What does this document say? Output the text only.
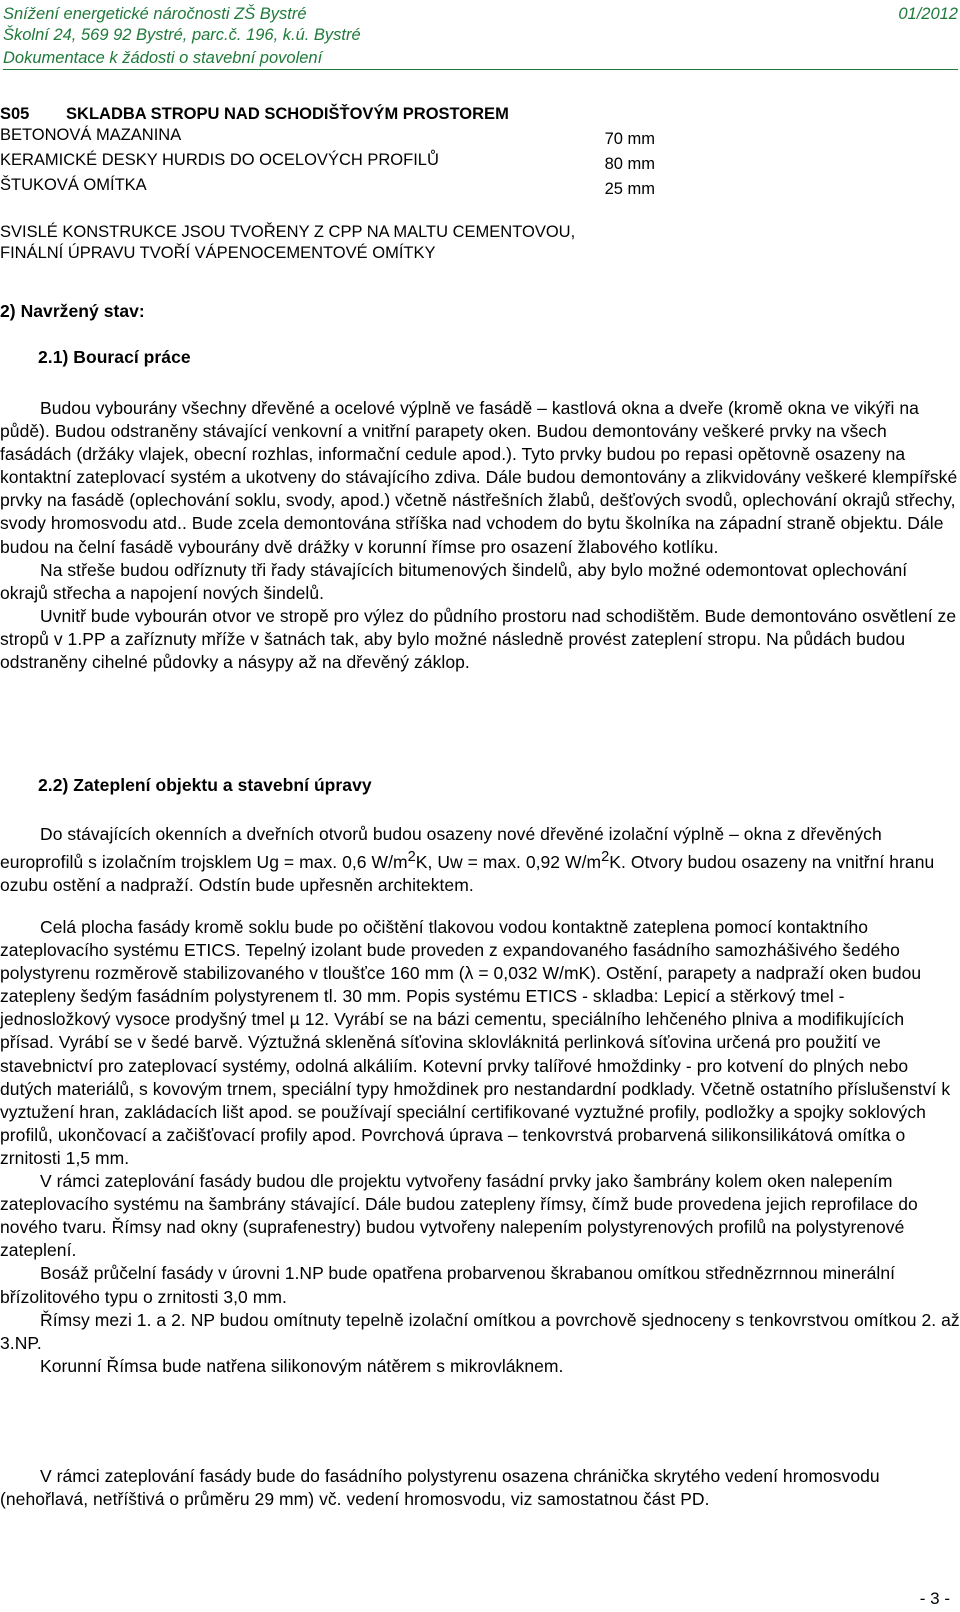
Snížení energetické náročnosti ZŠ Bystré	01/2012
Školní 24, 569 92 Bystré, parc.č. 196, k.ú. Bystré
Dokumentace k žádosti o stavební povolení
S05        SKLADBA STROPU NAD SCHODIŠŤOVÝM PROSTOREM
BETONOVÁ MAZANINA	70 mm
KERAMICKÉ DESKY HURDIS DO OCELOVÝCH PROFILŮ	80 mm
ŠTUKOVÁ OMÍTKA	25 mm
SVISLÉ KONSTRUKCE JSOU TVOŘENY Z CPP NA MALTU CEMENTOVOU,
FINÁLNÍ ÚPRAVU TVOŘÍ VÁPENOCEMENTOVÉ OMÍTKY
2) Navržený stav:
2.1) Bourací práce

Budou vybourány všechny dřevěné a ocelové výplně ve fasádě – kastlová okna a dveře (kromě okna ve vikýři na půdě). Budou odstraněny stávající venkovní a vnitřní parapety oken. Budou demontovány veškeré prvky na všech fasádách (držáky vlajek, obecní rozhlas, informační cedule apod.). Tyto prvky budou po repasi opětovně osazeny na kontaktní zateplovací systém a ukotveny do stávajícího zdiva. Dále budou demontovány a zlikvidovány veškeré klempířské prvky na fasádě (oplechování soklu, svody, apod.) včetně nástřešních žlabů, dešťových svodů, oplechování okrajů střechy, svody hromosvodu atd.. Bude zcela demontována stříška nad vchodem do bytu školníka na západní straně objektu. Dále budou na čelní fasádě vybourány dvě drážky v korunní římse pro osazení žlabového kotlíku.

Na střeše budou odříznuty tři řady stávajících bitumenových šindelů, aby bylo možné odemontovat oplechování okrajů střecha a napojení nových šindelů.

Uvnitř bude vybourán otvor ve stropě pro výlez do půdního prostoru nad schodištěm. Bude demontováno osvětlení ze stropů v 1.PP a zaříznuty mříže v šatnách tak, aby bylo možné následně provést zateplení stropu. Na půdách budou odstraněny cihelné půdovky a násypy až na dřevěný záklop.

2.2) Zateplení objektu a stavební úpravy

Do stávajících okenních a dveřních otvorů budou osazeny nové dřevěné izolační výplně – okna z dřevěných europrofilů s izolačním trojsklem Ug = max. 0,6 $W/m^2K$, Uw = max. 0,92 $W/m^2K$. Otvory budou osazeny na vnitřní hranu ozubu ostění a nadpraží. Odstín bude upřesněn architektem.

Celá plocha fasády kromě soklu bude po očištění tlakovou vodou kontaktně zateplena pomocí kontaktního zateplovacího systému ETICS. Tepelný izolant bude proveden z expandovaného fasádního samozhášivého šedého polystyrenu rozměrově stabilizovaného v tloušťce 160 mm (λ = 0,032 W/mK). Ostění, parapety a nadpraží oken budou zatepleny šedým fasádním polystyrenem tl. 30 mm. Popis systému ETICS - skladba: Lepicí a stěrkový tmel - jednosložkový vysoce prodyšný tmel µ 12. Vyrábí se na bázi cementu, speciálního lehčeného plniva a modifikujících přísad. Vyrábí se v šedé barvě. Výztužná skleněná síťovina sklovláknitá perlinková síťovina určená pro použití ve stavebnictví pro zateplovací systémy, odolná alkáliím. Kotevní prvky talířové hmoždinky - pro kotvení do plných nebo dutých materiálů, s kovovým trnem, speciální typy hmoždinek pro nestandardní podklady. Včetně ostatního příslušenství k vyztužení hran, zakládacích lišt apod. se používají speciální certifikované vyztužné profily, podložky a spojky soklových profilů, ukončovací a začišťovací profily apod. Povrchová úprava – tenkovrstvá probarvená silikonsilikátová omítka o zrnitosti 1,5 mm.

V rámci zateplování fasády budou dle projektu vytvořeny fasádní prvky jako šambrány kolem oken nalepením zateplovacího systému na šambrány stávající. Dále budou zatepleny římsy, čímž bude provedena jejich reprofilace do nového tvaru. Římsy nad okny (suprafenestry) budou vytvořeny nalepením polystyrenových profilů na polystyrenové zateplení.

Bosáž průčelní fasády v úrovni 1.NP bude opatřena probarvenou škrabanou omítkou střednězrnnou minerální břízolitového typu o zrnitosti 3,0 mm.

Římsy mezi 1. a 2. NP budou omítnuty tepelně izolační omítkou a povrchově sjednoceny s tenkovrstvou omítkou 2. až 3.NP.

Korunní Římsa bude natřena silikonovým nátěrem s mikrovláknem.

V rámci zateplování fasády bude do fasádního polystyrenu osazena chránička skrytého vedení hromosvodu (nehořlavá, netříštivá o průměru 29 mm) vč. vedení hromosvodu, viz samostatnou část PD.

- 3 -
